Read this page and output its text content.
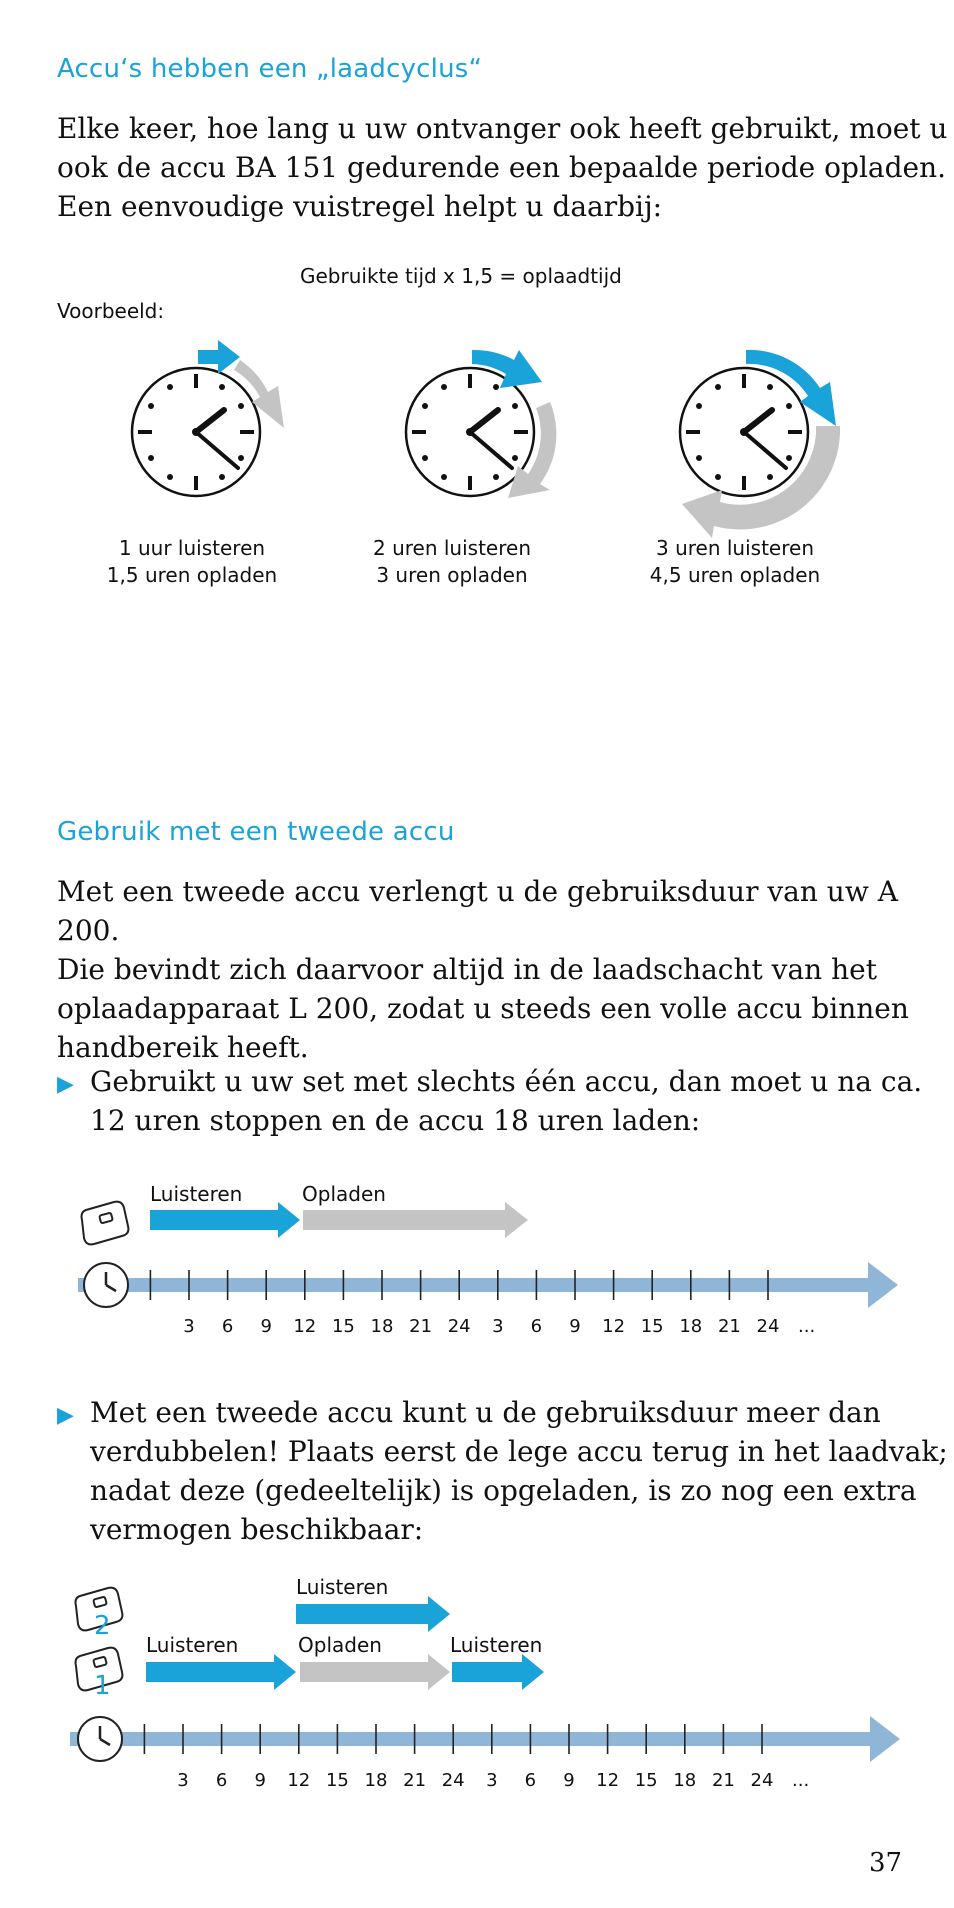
Accu‘s hebben een „laadcyclus“
Elke keer, hoe lang u uw ontvanger ook heeft gebruikt, moet u
ook de accu BA 151 gedurende een bepaalde periode opladen.
Een eenvoudige vuistregel helpt u daarbij:
Gebruikte tijd x 1,5 = oplaadtijd
Voorbeeld:
1 uur luisteren
1,5 uren opladen
2 uren luisteren
3 uren opladen
3 uren luisteren
4,5 uren opladen
Gebruik met een tweede accu
Met een tweede accu verlengt u de gebruiksduur van uw A 200.
Die bevindt zich daarvoor altijd in de laadschacht van het
oplaadapparaat L 200, zodat u steeds een volle accu binnen
handbereik heeft.
▶ Gebruikt u uw set met slechts één accu, dan moet u na ca.
12 uren stoppen en de accu 18 uren laden:
Luisteren	Opladen
3 6 9 12 15 18 21 24 3 6 9 12 15 18 21 24 ...
▶ Met een tweede accu kunt u de gebruiksduur meer dan
verdubbelen! Plaats eerst de lege accu terug in het laadvak;
nadat deze (gedeeltelijk) is opgeladen, is zo nog een extra
vermogen beschikbaar:
Luisteren
Luisteren	Opladen	Luisteren
2
1
3 6 9 12 15 18 21 24 3 6 9 12 15 18 21 24 ...
37
